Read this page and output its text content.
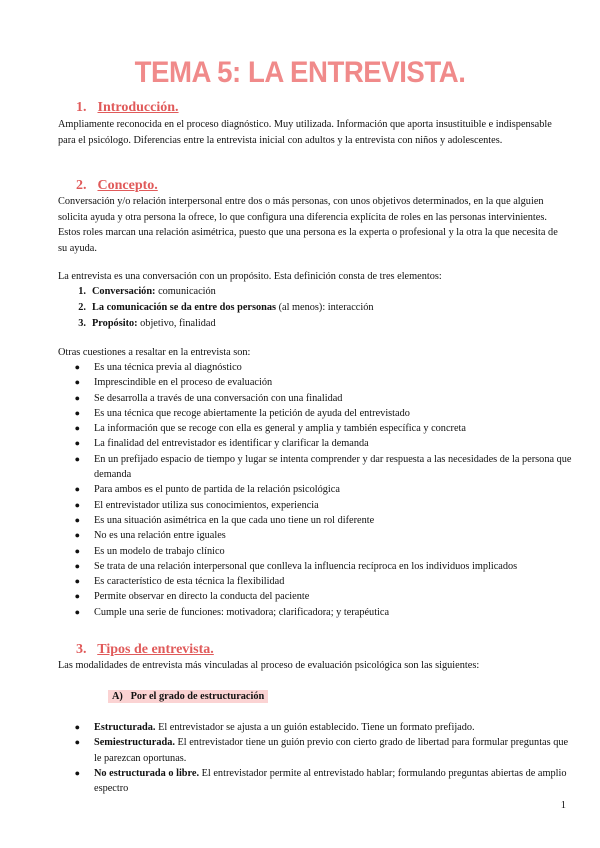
TEMA 5: LA ENTREVISTA.
1. Introducción.
Ampliamente reconocida en el proceso diagnóstico. Muy utilizada. Información que aporta insustituible e indispensable para el psicólogo. Diferencias entre la entrevista inicial con adultos y la entrevista con niños y adolescentes.
2. Concepto.
Conversación y/o relación interpersonal entre dos o más personas, con unos objetivos determinados, en la que alguien solicita ayuda y otra persona la ofrece, lo que configura una diferencia explícita de roles en las personas intervinientes. Estos roles marcan una relación asimétrica, puesto que una persona es la experta o profesional y la otra la que necesita de su ayuda.
La entrevista es una conversación con un propósito. Esta definición consta de tres elementos:
1. Conversación: comunicación
2. La comunicación se da entre dos personas (al menos): interacción
3. Propósito: objetivo, finalidad
Otras cuestiones a resaltar en la entrevista son:
●	Es una técnica previa al diagnóstico
●	Imprescindible en el proceso de evaluación
●	Se desarrolla a través de una conversación con una finalidad
●	Es una técnica que recoge abiertamente la petición de ayuda del entrevistado
●	La información que se recoge con ella es general y amplia y también específica y concreta
●	La finalidad del entrevistador es identificar y clarificar la demanda
●	En un prefijado espacio de tiempo y lugar se intenta comprender y dar respuesta a las necesidades de la persona que demanda
●	Para ambos es el punto de partida de la relación psicológica
●	El entrevistador utiliza sus conocimientos, experiencia
●	Es una situación asimétrica en la que cada uno tiene un rol diferente
●	No es una relación entre iguales
●	Es un modelo de trabajo clínico
●	Se trata de una relación interpersonal que conlleva la influencia recíproca en los individuos implicados
●	Es característico de esta técnica la flexibilidad
●	Permite observar en directo la conducta del paciente
●	Cumple una serie de funciones: motivadora; clarificadora; y terapéutica
3. Tipos de entrevista.
Las modalidades de entrevista más vinculadas al proceso de evaluación psicológica son las siguientes:
A)   Por el grado de estructuración
●	Estructurada. El entrevistador se ajusta a un guión establecido. Tiene un formato prefijado.
●	Semiestructurada. El entrevistador tiene un guión previo con cierto grado de libertad para formular preguntas que le parezcan oportunas.
●	No estructurada o libre. El entrevistador permite al entrevistado hablar; formulando preguntas abiertas de amplio espectro
1
